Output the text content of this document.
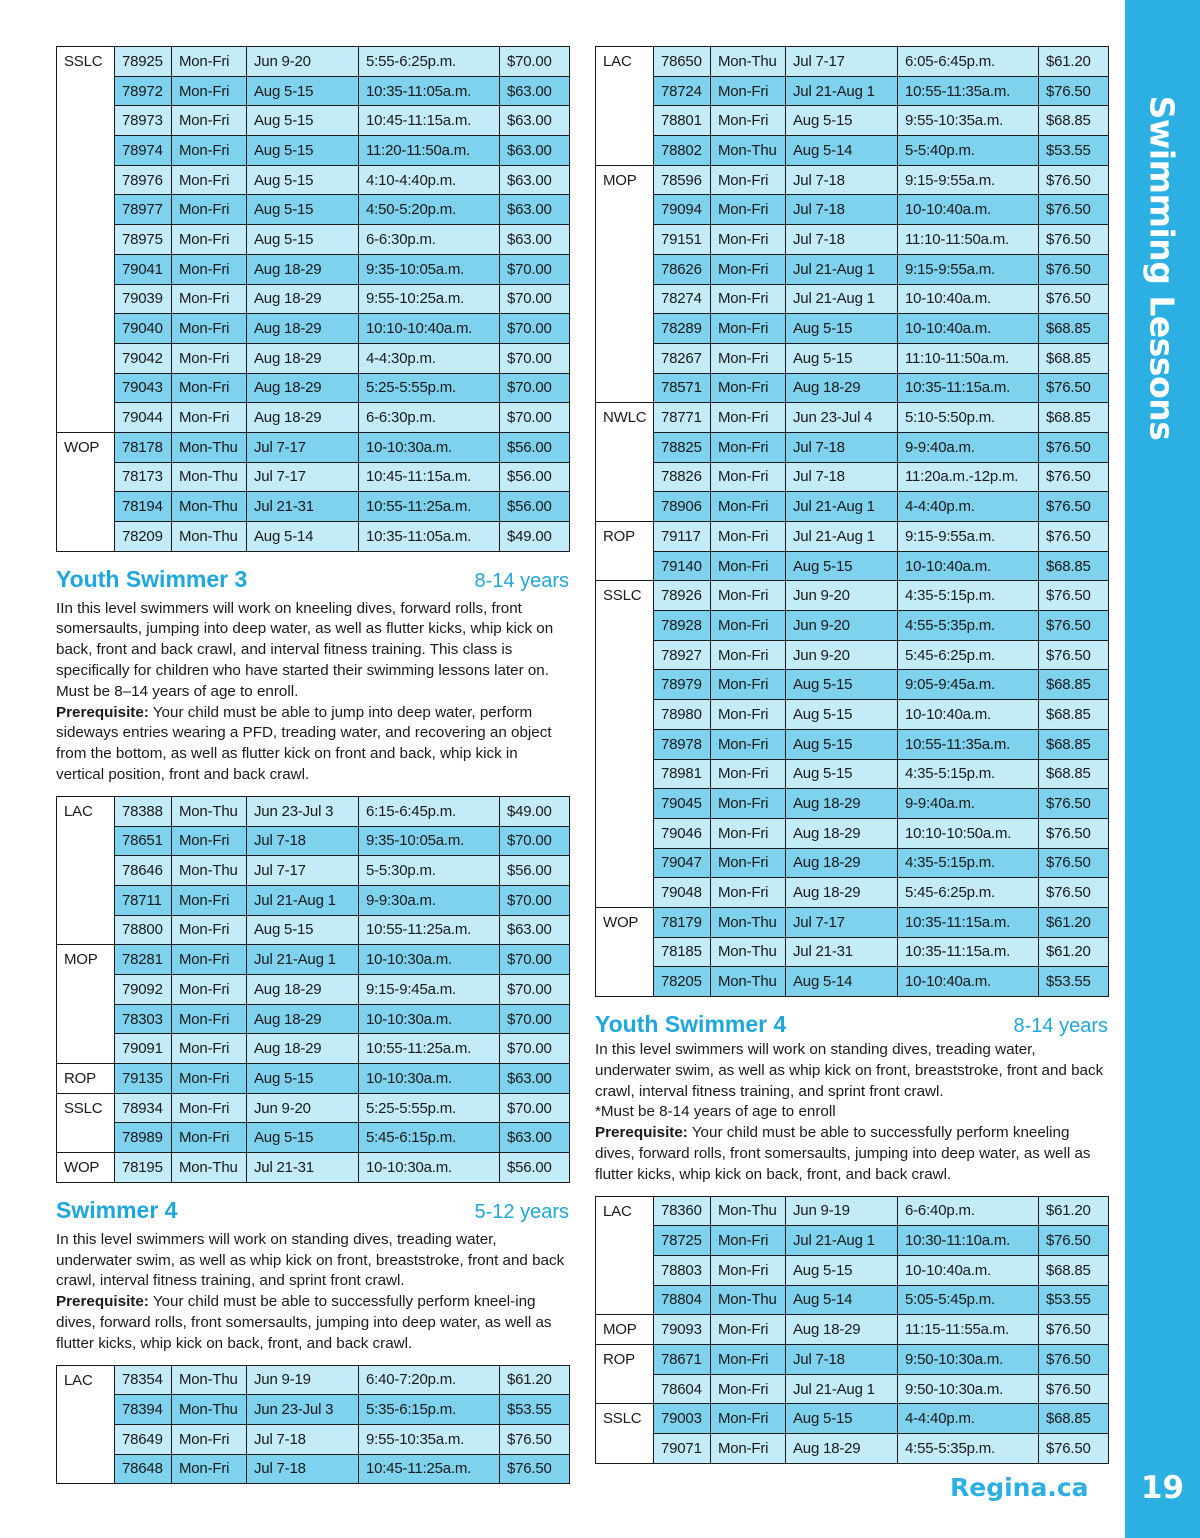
Swimming Lessons
SSLC	78925	Mon-Fri	Jun 9-20	5:55-6:25p.m.	$70.00
	78972	Mon-Fri	Aug 5-15	10:35-11:05a.m.	$63.00
	78973	Mon-Fri	Aug 5-15	10:45-11:15a.m.	$63.00
	78974	Mon-Fri	Aug 5-15	11:20-11:50a.m.	$63.00
	78976	Mon-Fri	Aug 5-15	4:10-4:40p.m.	$63.00
	78977	Mon-Fri	Aug 5-15	4:50-5:20p.m.	$63.00
	78975	Mon-Fri	Aug 5-15	6-6:30p.m.	$63.00
	79041	Mon-Fri	Aug 18-29	9:35-10:05a.m.	$70.00
	79039	Mon-Fri	Aug 18-29	9:55-10:25a.m.	$70.00
	79040	Mon-Fri	Aug 18-29	10:10-10:40a.m.	$70.00
	79042	Mon-Fri	Aug 18-29	4-4:30p.m.	$70.00
	79043	Mon-Fri	Aug 18-29	5:25-5:55p.m.	$70.00
	79044	Mon-Fri	Aug 18-29	6-6:30p.m.	$70.00
WOP	78178	Mon-Thu	Jul 7-17	10-10:30a.m.	$56.00
	78173	Mon-Thu	Jul 7-17	10:45-11:15a.m.	$56.00
	78194	Mon-Thu	Jul 21-31	10:55-11:25a.m.	$56.00
	78209	Mon-Thu	Aug 5-14	10:35-11:05a.m.	$49.00
Youth Swimmer 3	8-14 years
IIn this level swimmers will work on kneeling dives, forward rolls, front somersaults, jumping into deep water, as well as flutter kicks, whip kick on back, front and back crawl, and interval fitness training. This class is specifically for children who have started their swimming lessons later on. Must be 8–14 years of age to enroll.
Prerequisite: Your child must be able to jump into deep water, perform sideways entries wearing a PFD, treading water, and recovering an object from the bottom, as well as flutter kick on front and back, whip kick in vertical position, front and back crawl.
LAC	78388	Mon-Thu	Jun 23-Jul 3	6:15-6:45p.m.	$49.00
	78651	Mon-Fri	Jul 7-18	9:35-10:05a.m.	$70.00
	78646	Mon-Thu	Jul 7-17	5-5:30p.m.	$56.00
	78711	Mon-Fri	Jul 21-Aug 1	9-9:30a.m.	$70.00
	78800	Mon-Fri	Aug 5-15	10:55-11:25a.m.	$63.00
MOP	78281	Mon-Fri	Jul 21-Aug 1	10-10:30a.m.	$70.00
	79092	Mon-Fri	Aug 18-29	9:15-9:45a.m.	$70.00
	78303	Mon-Fri	Aug 18-29	10-10:30a.m.	$70.00
	79091	Mon-Fri	Aug 18-29	10:55-11:25a.m.	$70.00
ROP	79135	Mon-Fri	Aug 5-15	10-10:30a.m.	$63.00
SSLC	78934	Mon-Fri	Jun 9-20	5:25-5:55p.m.	$70.00
	78989	Mon-Fri	Aug 5-15	5:45-6:15p.m.	$63.00
WOP	78195	Mon-Thu	Jul 21-31	10-10:30a.m.	$56.00
Swimmer 4	5-12 years
In this level swimmers will work on standing dives, treading water, underwater swim, as well as whip kick on front, breaststroke, front and back crawl, interval fitness training, and sprint front crawl.
Prerequisite: Your child must be able to successfully perform kneel-ing dives, forward rolls, front somersaults, jumping into deep water, as well as flutter kicks, whip kick on back, front, and back crawl.
LAC	78354	Mon-Thu	Jun 9-19	6:40-7:20p.m.	$61.20
	78394	Mon-Thu	Jun 23-Jul 3	5:35-6:15p.m.	$53.55
	78649	Mon-Fri	Jul 7-18	9:55-10:35a.m.	$76.50
	78648	Mon-Fri	Jul 7-18	10:45-11:25a.m.	$76.50
LAC	78650	Mon-Thu	Jul 7-17	6:05-6:45p.m.	$61.20
	78724	Mon-Fri	Jul 21-Aug 1	10:55-11:35a.m.	$76.50
	78801	Mon-Fri	Aug 5-15	9:55-10:35a.m.	$68.85
	78802	Mon-Thu	Aug 5-14	5-5:40p.m.	$53.55
MOP	78596	Mon-Fri	Jul 7-18	9:15-9:55a.m.	$76.50
	79094	Mon-Fri	Jul 7-18	10-10:40a.m.	$76.50
	79151	Mon-Fri	Jul 7-18	11:10-11:50a.m.	$76.50
	78626	Mon-Fri	Jul 21-Aug 1	9:15-9:55a.m.	$76.50
	78274	Mon-Fri	Jul 21-Aug 1	10-10:40a.m.	$76.50
	78289	Mon-Fri	Aug 5-15	10-10:40a.m.	$68.85
	78267	Mon-Fri	Aug 5-15	11:10-11:50a.m.	$68.85
	78571	Mon-Fri	Aug 18-29	10:35-11:15a.m.	$76.50
NWLC	78771	Mon-Fri	Jun 23-Jul 4	5:10-5:50p.m.	$68.85
	78825	Mon-Fri	Jul 7-18	9-9:40a.m.	$76.50
	78826	Mon-Fri	Jul 7-18	11:20a.m.-12p.m.	$76.50
	78906	Mon-Fri	Jul 21-Aug 1	4-4:40p.m.	$76.50
ROP	79117	Mon-Fri	Jul 21-Aug 1	9:15-9:55a.m.	$76.50
	79140	Mon-Fri	Aug 5-15	10-10:40a.m.	$68.85
SSLC	78926	Mon-Fri	Jun 9-20	4:35-5:15p.m.	$76.50
	78928	Mon-Fri	Jun 9-20	4:55-5:35p.m.	$76.50
	78927	Mon-Fri	Jun 9-20	5:45-6:25p.m.	$76.50
	78979	Mon-Fri	Aug 5-15	9:05-9:45a.m.	$68.85
	78980	Mon-Fri	Aug 5-15	10-10:40a.m.	$68.85
	78978	Mon-Fri	Aug 5-15	10:55-11:35a.m.	$68.85
	78981	Mon-Fri	Aug 5-15	4:35-5:15p.m.	$68.85
	79045	Mon-Fri	Aug 18-29	9-9:40a.m.	$76.50
	79046	Mon-Fri	Aug 18-29	10:10-10:50a.m.	$76.50
	79047	Mon-Fri	Aug 18-29	4:35-5:15p.m.	$76.50
	79048	Mon-Fri	Aug 18-29	5:45-6:25p.m.	$76.50
WOP	78179	Mon-Thu	Jul 7-17	10:35-11:15a.m.	$61.20
	78185	Mon-Thu	Jul 21-31	10:35-11:15a.m.	$61.20
	78205	Mon-Thu	Aug 5-14	10-10:40a.m.	$53.55
Youth Swimmer 4	8-14 years
In this level swimmers will work on standing dives, treading water, underwater swim, as well as whip kick on front, breaststroke, front and back crawl, interval fitness training, and sprint front crawl.
*Must be 8-14 years of age to enroll
Prerequisite: Your child must be able to successfully perform kneeling dives, forward rolls, front somersaults, jumping into deep water, as well as flutter kicks, whip kick on back, front, and back crawl.
LAC	78360	Mon-Thu	Jun 9-19	6-6:40p.m.	$61.20
	78725	Mon-Fri	Jul 21-Aug 1	10:30-11:10a.m.	$76.50
	78803	Mon-Fri	Aug 5-15	10-10:40a.m.	$68.85
	78804	Mon-Thu	Aug 5-14	5:05-5:45p.m.	$53.55
MOP	79093	Mon-Fri	Aug 18-29	11:15-11:55a.m.	$76.50
ROP	78671	Mon-Fri	Jul 7-18	9:50-10:30a.m.	$76.50
	78604	Mon-Fri	Jul 21-Aug 1	9:50-10:30a.m.	$76.50
SSLC	79003	Mon-Fri	Aug 5-15	4-4:40p.m.	$68.85
	79071	Mon-Fri	Aug 18-29	4:55-5:35p.m.	$76.50
Regina.ca	19
